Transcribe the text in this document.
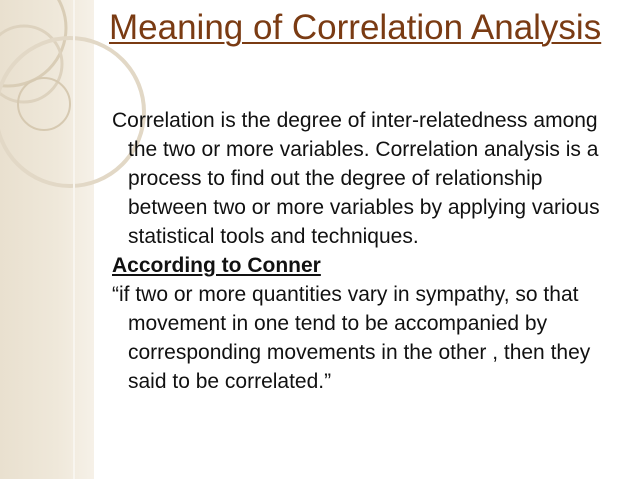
Meaning of Correlation Analysis

Correlation is the degree of inter-relatedness among the two or more variables. Correlation analysis is a process to find out the degree of relationship between two or more variables by applying various statistical tools and techniques.

According to Conner

“if two or more quantities vary in sympathy, so that movement in one tend to be accompanied by corresponding movements in the other , then they said to be correlated.”
